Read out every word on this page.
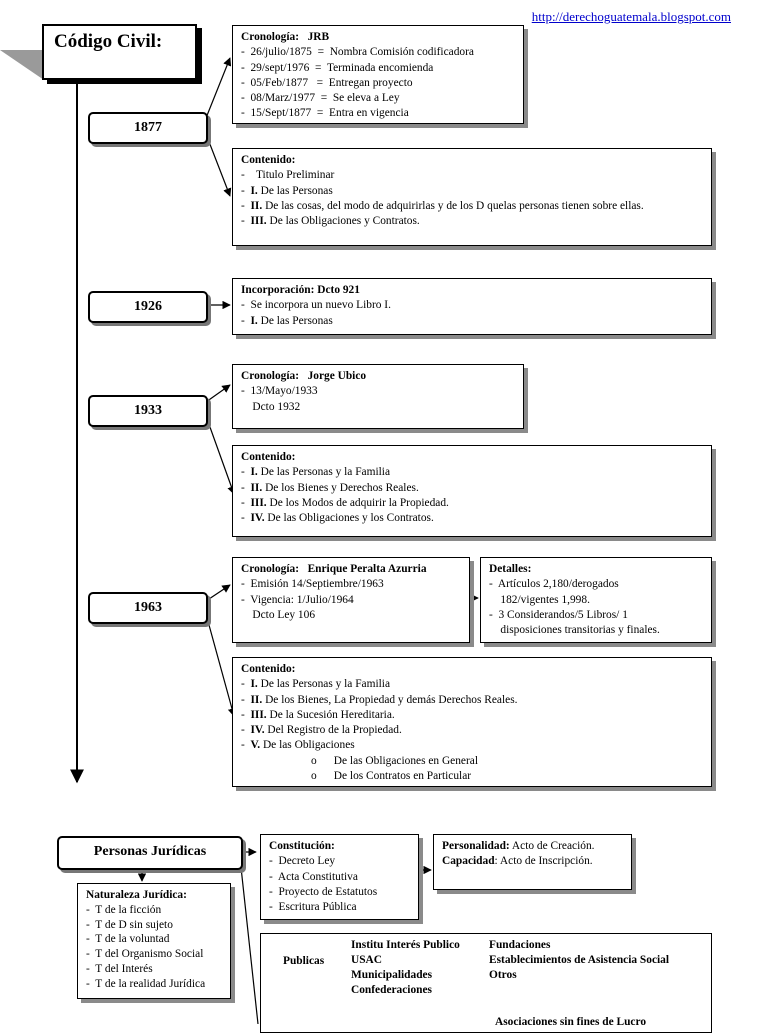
http://derechoguatemala.blogspot.com
Código Civil:
1877
1926
1933
1963
Cronología: JRB
-  26/julio/1875  =  Nombra Comisión codificadora
-  29/sept/1976  =  Terminada encomienda
-  05/Feb/1877   =  Entregan proyecto
-  08/Marz/1977  =  Se eleva a Ley
-  15/Sept/1877  =  Entra en vigencia
Contenido:
-    Titulo Preliminar
-  I. De las Personas
-  II. De las cosas, del modo de adquirirlas y de los D quelas personas tienen sobre ellas.
-  III. De las Obligaciones y Contratos.
Incorporación: Dcto 921
-  Se incorpora un nuevo Libro I.
-  I. De las Personas
Cronología: Jorge Ubico
-  13/Mayo/1933
Dcto 1932
Contenido:
-  I. De las Personas y la Familia
-  II. De los Bienes y Derechos Reales.
-  III. De los Modos de adquirir la Propiedad.
-  IV. De las Obligaciones y los Contratos.
Cronología: Enrique Peralta Azurria
-  Emisión 14/Septiembre/1963
-  Vigencia: 1/Julio/1964
Dcto Ley 106
Detalles:
-  Artículos 2,180/derogados
182/vigentes 1,998.
-  3 Considerandos/5 Libros/ 1
disposiciones transitorias y finales.
Contenido:
-  I. De las Personas y la Familia
-  II. De los Bienes, La Propiedad y demás Derechos Reales.
-  III. De la Sucesión Hereditaria.
-  IV. Del Registro de la Propiedad.
-  V. De las Obligaciones
o      De las Obligaciones en General
o      De los Contratos en Particular
Personas Jurídicas
Naturaleza Jurídica:
-  T de la ficción
-  T de D sin sujeto
-  T de la voluntad
-  T del Organismo Social
-  T del Interés
-  T de la realidad Jurídica
Constitución:
-  Decreto Ley
-  Acta Constitutiva
-  Proyecto de Estatutos
-  Escritura Pública
Personalidad: Acto de Creación.
Capacidad: Acto de Inscripción.
Publicas
Institu Interés Publico
USAC
Municipalidades
Confederaciones
Fundaciones
Establecimientos de Asistencia Social
Otros
Asociaciones sin fines de Lucro
